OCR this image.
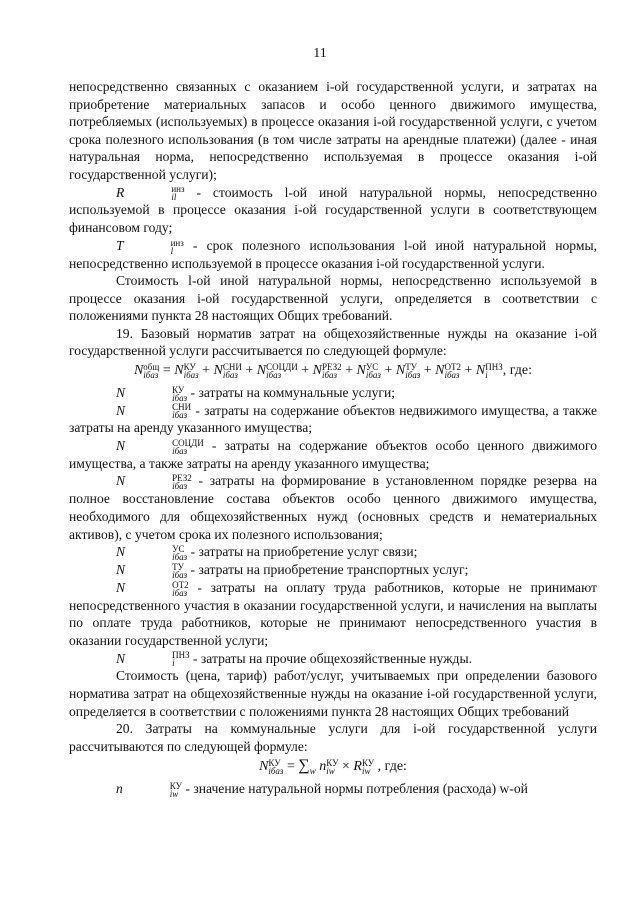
11

непосредственно связанных с оказанием i-ой государственной услуги, и затратах на приобретение материальных запасов и особо ценного движимого имущества, потребляемых (используемых) в процессе оказания i-ой государственной услуги, с учетом срока полезного использования (в том числе затраты на арендные платежи) (далее - иная натуральная норма, непосредственно используемая в процессе оказания i-ой государственной услуги);

R	инз
il - стоимость l-ой иной натуральной нормы, непосредственно используемой в процессе оказания i-ой государственной услуги в соответствующем финансовом году;

T	инз
l - срок полезного использования l-ой иной натуральной нормы, непосредственно используемой в процессе оказания i-ой государственной услуги.

Стоимость l-ой иной натуральной нормы, непосредственно используемой в процессе оказания i-ой государственной услуги, определяется в соответствии с положениями пункта 28 настоящих Общих требований.

19. Базовый норматив затрат на общехозяйственные нужды на оказание i-ой государственной услуги рассчитывается по следующей формуле:

N общ
iбаз = N КУ
iбаз + N СНИ
iбаз + N СОЦДИ
iбаз	+ N РЕЗ2
iбаз + N УС
iбаз + N ТУ
iбаз + N ОТ2
iбаз + N ПНЗ
i	, где:

N	КУ
iбаз - затраты на коммунальные услуги;

N	СНИ
iбаз - затраты на содержание объектов недвижимого имущества, а также затраты на аренду указанного имущества;

N	СОЦДИ
iбаз	- затраты на содержание объектов особо ценного движимого имущества, а также затраты на аренду указанного имущества;

N	РЕЗ2
iбаз - затраты на формирование в установленном порядке резерва на полное восстановление состава объектов особо ценного движимого имущества, необходимого для общехозяйственных нужд (основных средств и нематериальных активов), с учетом срока их полезного использования;

N	УС
iбаз - затраты на приобретение услуг связи;

N	ТУ
iбаз - затраты на приобретение транспортных услуг;

N	ОТ2
iбаз - затраты на оплату труда работников, которые не принимают непосредственного участия в оказании государственной услуги, и начисления на выплаты по оплате труда работников, которые не принимают непосредственного участия в оказании государственной услуги;

N	ПНЗ
i	- затраты на прочие общехозяйственные нужды.

Стоимость (цена, тариф) работ/услуг, учитываемых при определении базового норматива затрат на общехозяйственные нужды на оказание i-ой государственной услуги, определяется в соответствии с положениями пункта 28 настоящих Общих требований

20. Затраты на коммунальные услуги для i-ой государственной услуги рассчитываются по следующей формуле:

N КУ
iбаз = ∑
w n КУ
iw × R КУ
iw , где:

n	КУ
iw - значение натуральной нормы потребления (расхода) w-ой
